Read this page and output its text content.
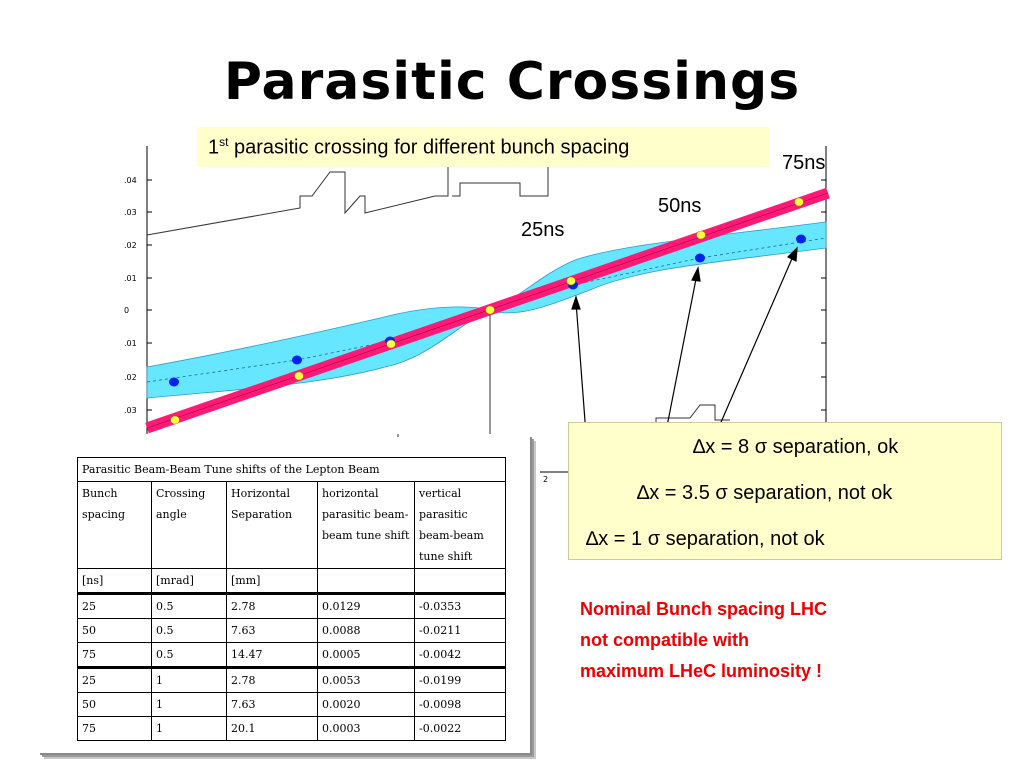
Parasitic Crossings
.04
.03
.02
.01
0
.01
.02
.03
2
1st parasitic crossing for different bunch spacing
75ns
50ns
25ns
Parasitic Beam-Beam Tune shifts of the Lepton Beam				
Bunch spacing	Crossing angle	Horizontal Separation	horizontal parasitic beam-beam tune shift	vertical parasitic beam-beam tune shift
[ns]	[mrad]	[mm]		
25	0.5	2.78	0.0129	-0.0353
50	0.5	7.63	0.0088	-0.0211
75	0.5	14.47	0.0005	-0.0042
25	1	2.78	0.0053	-0.0199
50	1	7.63	0.0020	-0.0098
75	1	20.1	0.0003	-0.0022
∆x = 8 σ separation, ok
∆x = 3.5 σ separation, not ok
∆x = 1 σ separation, not ok
Nominal Bunch spacing LHC
not compatible with
maximum LHeC luminosity !
